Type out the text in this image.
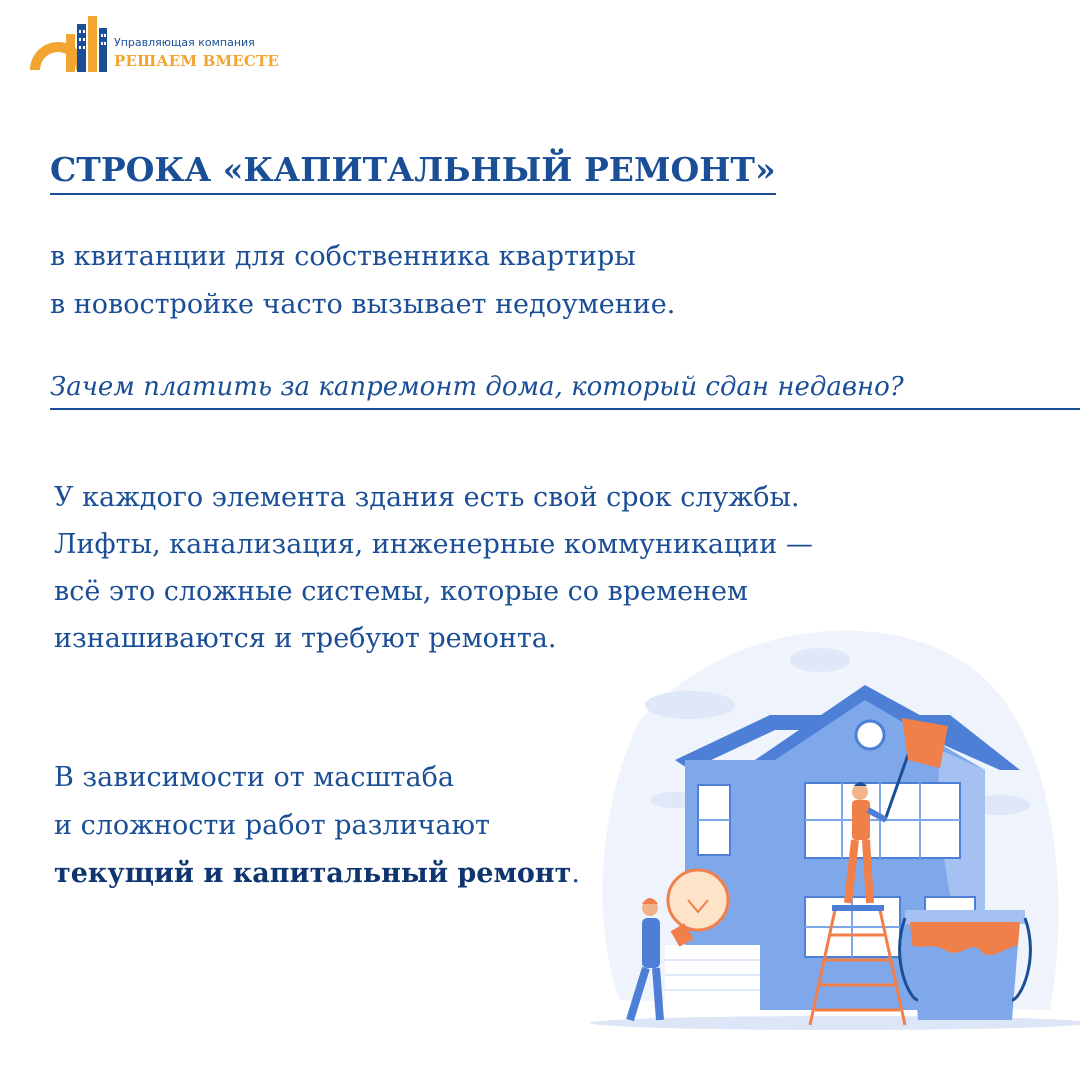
Управляющая компания
РЕШАЕМ ВМЕСТЕ
СТРОКА «КАПИТАЛЬНЫЙ РЕМОНТ»
в квитанции для собственника квартиры
в новостройке часто вызывает недоумение.
Зачем платить за капремонт дома, который сдан недавно?
У каждого элемента здания есть свой срок службы.
Лифты, канализация, инженерные коммуникации —
всё это сложные системы, которые со временем
изнашиваются и требуют ремонта.
В зависимости от масштаба
и сложности работ различают
текущий и капитальный ремонт.
